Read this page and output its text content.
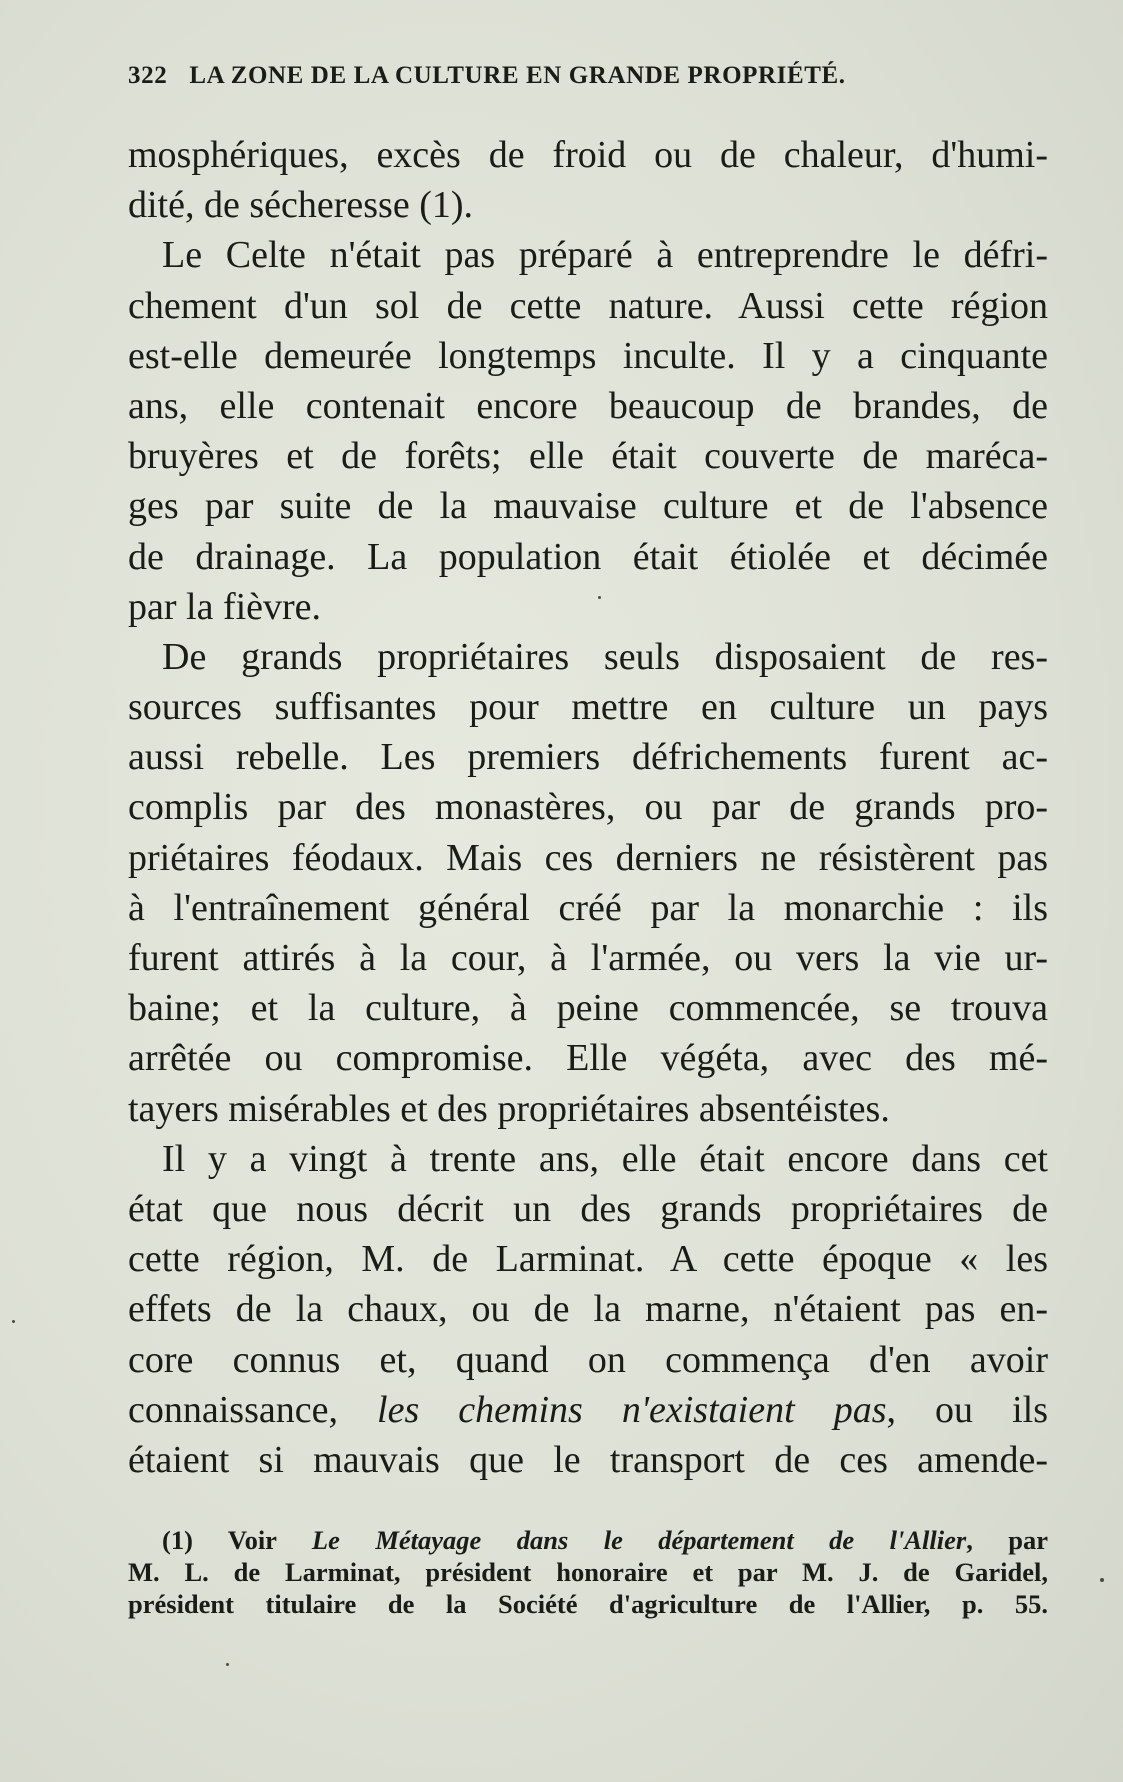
322 LA ZONE DE LA CULTURE EN GRANDE PROPRIÉTÉ.
mosphériques, excès de froid ou de chaleur, d'humi-
dité, de sécheresse (1).
Le Celte n'était pas préparé à entreprendre le défri-
chement d'un sol de cette nature. Aussi cette région
est-elle demeurée longtemps inculte. Il y a cinquante
ans, elle contenait encore beaucoup de brandes, de
bruyères et de forêts; elle était couverte de maréca-
ges par suite de la mauvaise culture et de l'absence
de drainage. La population était étiolée et décimée
par la fièvre.
De grands propriétaires seuls disposaient de res-
sources suffisantes pour mettre en culture un pays
aussi rebelle. Les premiers défrichements furent ac-
complis par des monastères, ou par de grands pro-
priétaires féodaux. Mais ces derniers ne résistèrent pas
à l'entraînement général créé par la monarchie : ils
furent attirés à la cour, à l'armée, ou vers la vie ur-
baine; et la culture, à peine commencée, se trouva
arrêtée ou compromise. Elle végéta, avec des mé-
tayers misérables et des propriétaires absentéistes.
Il y a vingt à trente ans, elle était encore dans cet
état que nous décrit un des grands propriétaires de
cette région, M. de Larminat. A cette époque « les
effets de la chaux, ou de la marne, n'étaient pas en-
core connus et, quand on commença d'en avoir
connaissance, les chemins n'existaient pas, ou ils
étaient si mauvais que le transport de ces amende-
(1) Voir Le Métayage dans le département de l'Allier, par
M. L. de Larminat, président honoraire et par M. J. de Garidel,
président titulaire de la Société d'agriculture de l'Allier, p. 55.
